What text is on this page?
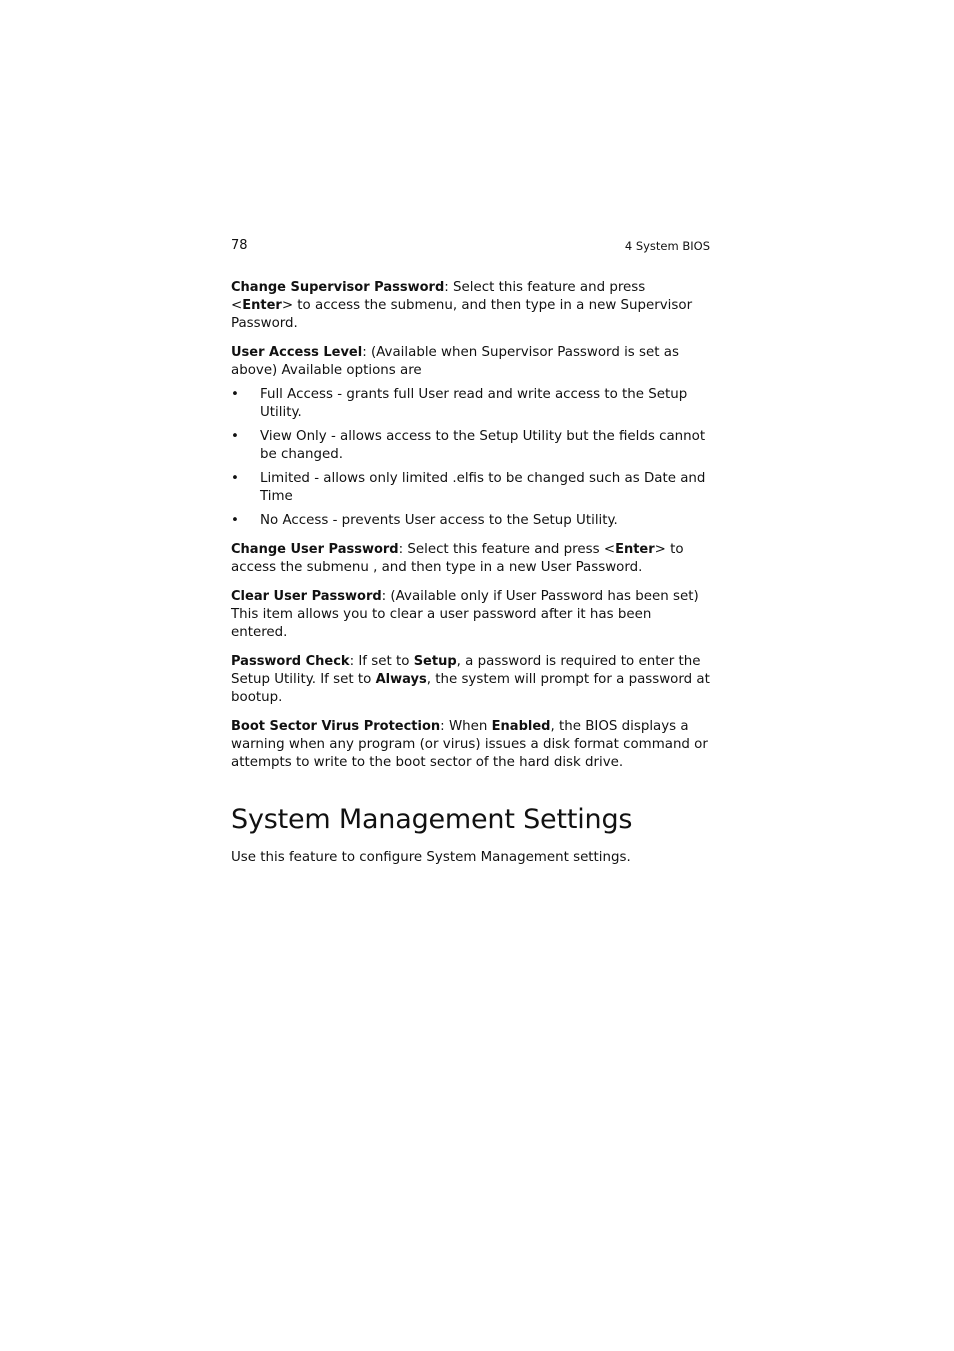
78	4 System BIOS

Change Supervisor Password: Select this feature and press <Enter> to access the submenu, and then type in a new Supervisor Password.

User Access Level: (Available when Supervisor Password is set as above) Available options are

• Full Access - grants full User read and write access to the Setup Utility.
• View Only - allows access to the Setup Utility but the fields cannot be changed.
• Limited - allows only limited .elfis to be changed such as Date and Time
• No Access - prevents User access to the Setup Utility.

Change User Password: Select this feature and press <Enter> to access the submenu , and then type in a new User Password.

Clear User Password: (Available only if User Password has been set) This item allows you to clear a user password after it has been entered.

Password Check: If set to Setup, a password is required to enter the Setup Utility. If set to Always, the system will prompt for a password at bootup.

Boot Sector Virus Protection: When Enabled, the BIOS displays a warning when any program (or virus) issues a disk format command or attempts to write to the boot sector of the hard disk drive.

System Management Settings

Use this feature to configure System Management settings.
